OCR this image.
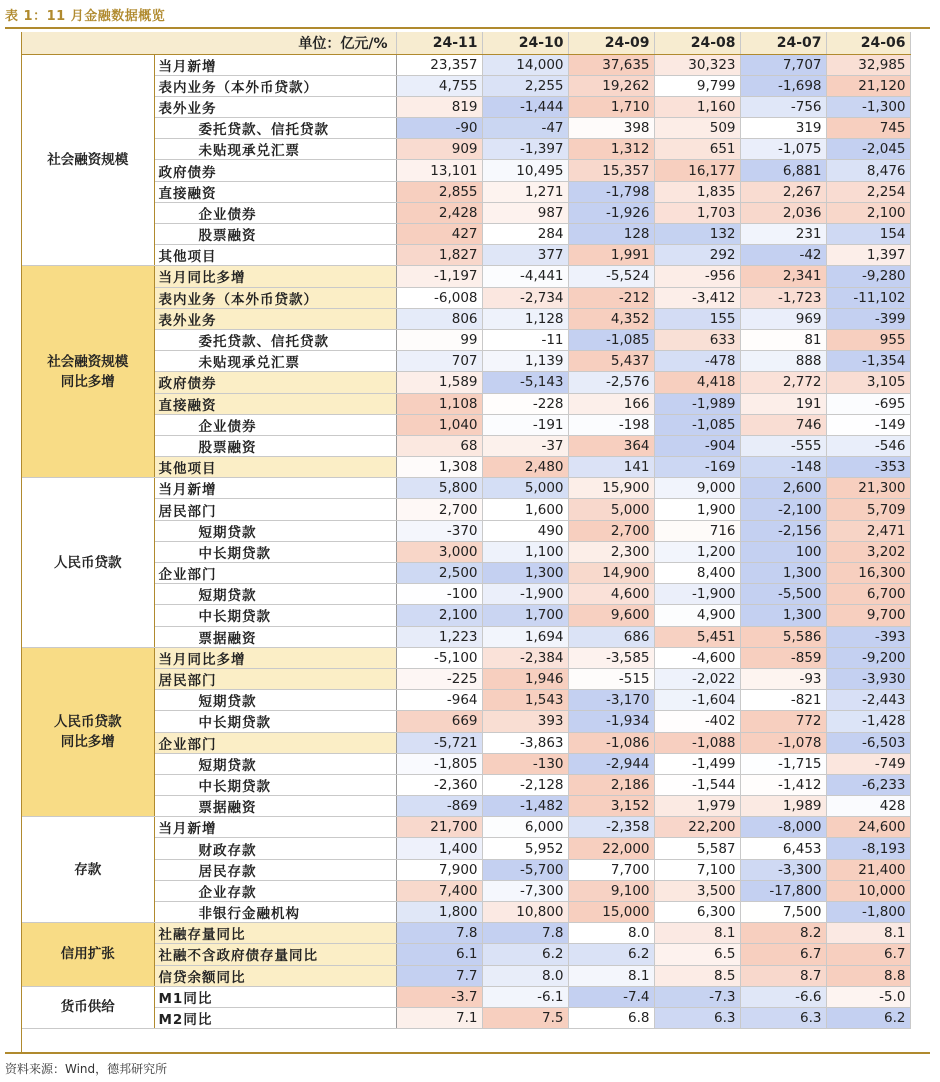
表 1：11 月金融数据概览
单位：亿元/%		24-11	24-10	24-09	24-08	24-07	24-06
社会融资规模	当月新增	23,357	14,000	37,635	30,323	7,707	32,985
	表内业务（本外币贷款）	4,755	2,255	19,262	9,799	-1,698	21,120
	表外业务	819	-1,444	1,710	1,160	-756	-1,300
	委托贷款、信托贷款	-90	-47	398	509	319	745
	未贴现承兑汇票	909	-1,397	1,312	651	-1,075	-2,045
	政府债券	13,101	10,495	15,357	16,177	6,881	8,476
	直接融资	2,855	1,271	-1,798	1,835	2,267	2,254
	企业债券	2,428	987	-1,926	1,703	2,036	2,100
	股票融资	427	284	128	132	231	154
	其他项目	1,827	377	1,991	292	-42	1,397
社会融资规模
同比多增	当月同比多增	-1,197	-4,441	-5,524	-956	2,341	-9,280
	表内业务（本外币贷款）	-6,008	-2,734	-212	-3,412	-1,723	-11,102
	表外业务	806	1,128	4,352	155	969	-399
	委托贷款、信托贷款	99	-11	-1,085	633	81	955
	未贴现承兑汇票	707	1,139	5,437	-478	888	-1,354
	政府债券	1,589	-5,143	-2,576	4,418	2,772	3,105
	直接融资	1,108	-228	166	-1,989	191	-695
	企业债券	1,040	-191	-198	-1,085	746	-149
	股票融资	68	-37	364	-904	-555	-546
	其他项目	1,308	2,480	141	-169	-148	-353
人民币贷款	当月新增	5,800	5,000	15,900	9,000	2,600	21,300
	居民部门	2,700	1,600	5,000	1,900	-2,100	5,709
	短期贷款	-370	490	2,700	716	-2,156	2,471
	中长期贷款	3,000	1,100	2,300	1,200	100	3,202
	企业部门	2,500	1,300	14,900	8,400	1,300	16,300
	短期贷款	-100	-1,900	4,600	-1,900	-5,500	6,700
	中长期贷款	2,100	1,700	9,600	4,900	1,300	9,700
	票据融资	1,223	1,694	686	5,451	5,586	-393
人民币贷款
同比多增	当月同比多增	-5,100	-2,384	-3,585	-4,600	-859	-9,200
	居民部门	-225	1,946	-515	-2,022	-93	-3,930
	短期贷款	-964	1,543	-3,170	-1,604	-821	-2,443
	中长期贷款	669	393	-1,934	-402	772	-1,428
	企业部门	-5,721	-3,863	-1,086	-1,088	-1,078	-6,503
	短期贷款	-1,805	-130	-2,944	-1,499	-1,715	-749
	中长期贷款	-2,360	-2,128	2,186	-1,544	-1,412	-6,233
	票据融资	-869	-1,482	3,152	1,979	1,989	428
存款	当月新增	21,700	6,000	-2,358	22,200	-8,000	24,600
	财政存款	1,400	5,952	22,000	5,587	6,453	-8,193
	居民存款	7,900	-5,700	7,700	7,100	-3,300	21,400
	企业存款	7,400	-7,300	9,100	3,500	-17,800	10,000
	非银行金融机构	1,800	10,800	15,000	6,300	7,500	-1,800
信用扩张	社融存量同比	7.8	7.8	8.0	8.1	8.2	8.1
	社融不含政府债存量同比	6.1	6.2	6.2	6.5	6.7	6.7
	信贷余额同比	7.7	8.0	8.1	8.5	8.7	8.8
货币供给	M1同比	-3.7	-6.1	-7.4	-7.3	-6.6	-5.0
	M2同比	7.1	7.5	6.8	6.3	6.3	6.2
资料来源：Wind，德邦研究所
